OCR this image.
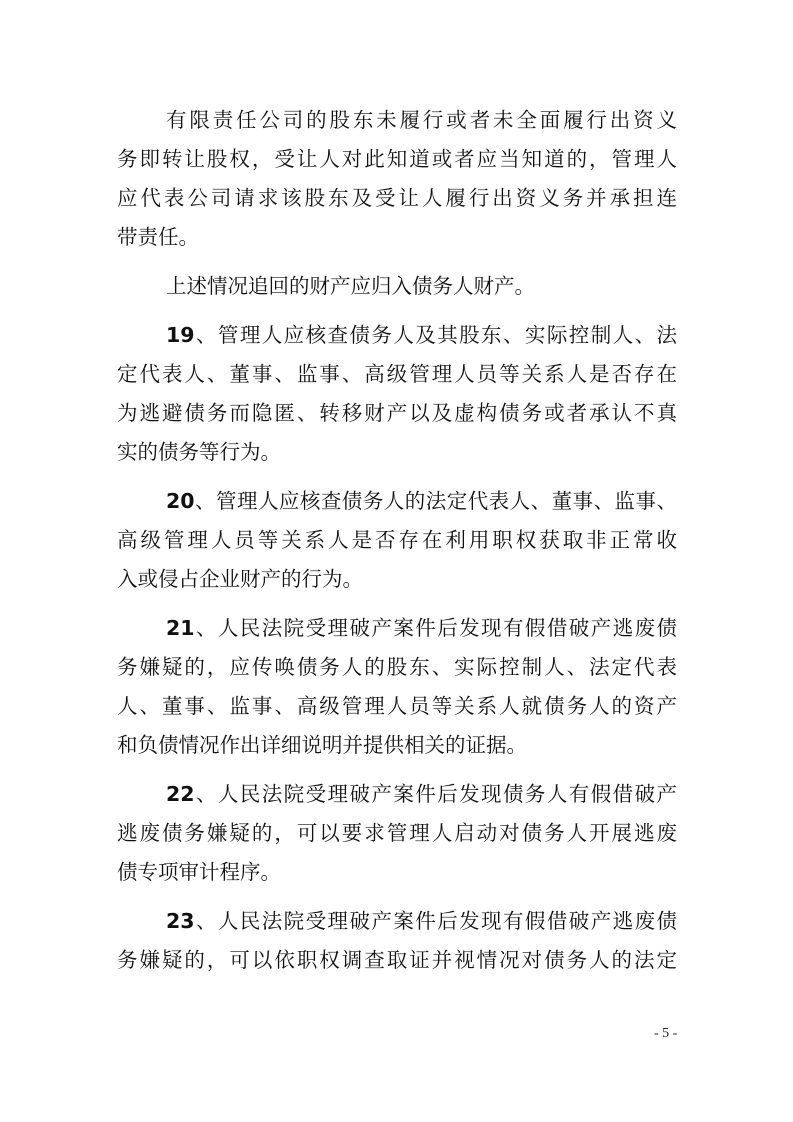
有限责任公司的股东未履行或者未全面履行出资义
务即转让股权，受让人对此知道或者应当知道的，管理人
应代表公司请求该股东及受让人履行出资义务并承担连
带责任。
上述情况追回的财产应归入债务人财产。
19、管理人应核查债务人及其股东、实际控制人、法
定代表人、董事、监事、高级管理人员等关系人是否存在
为逃避债务而隐匿、转移财产以及虚构债务或者承认不真
实的债务等行为。
20、管理人应核查债务人的法定代表人、董事、监事、
高级管理人员等关系人是否存在利用职权获取非正常收
入或侵占企业财产的行为。
21、人民法院受理破产案件后发现有假借破产逃废债
务嫌疑的，应传唤债务人的股东、实际控制人、法定代表
人、董事、监事、高级管理人员等关系人就债务人的资产
和负债情况作出详细说明并提供相关的证据。
22、人民法院受理破产案件后发现债务人有假借破产
逃废债务嫌疑的，可以要求管理人启动对债务人开展逃废
债专项审计程序。
23、人民法院受理破产案件后发现有假借破产逃废债
务嫌疑的，可以依职权调查取证并视情况对债务人的法定
- 5 -
